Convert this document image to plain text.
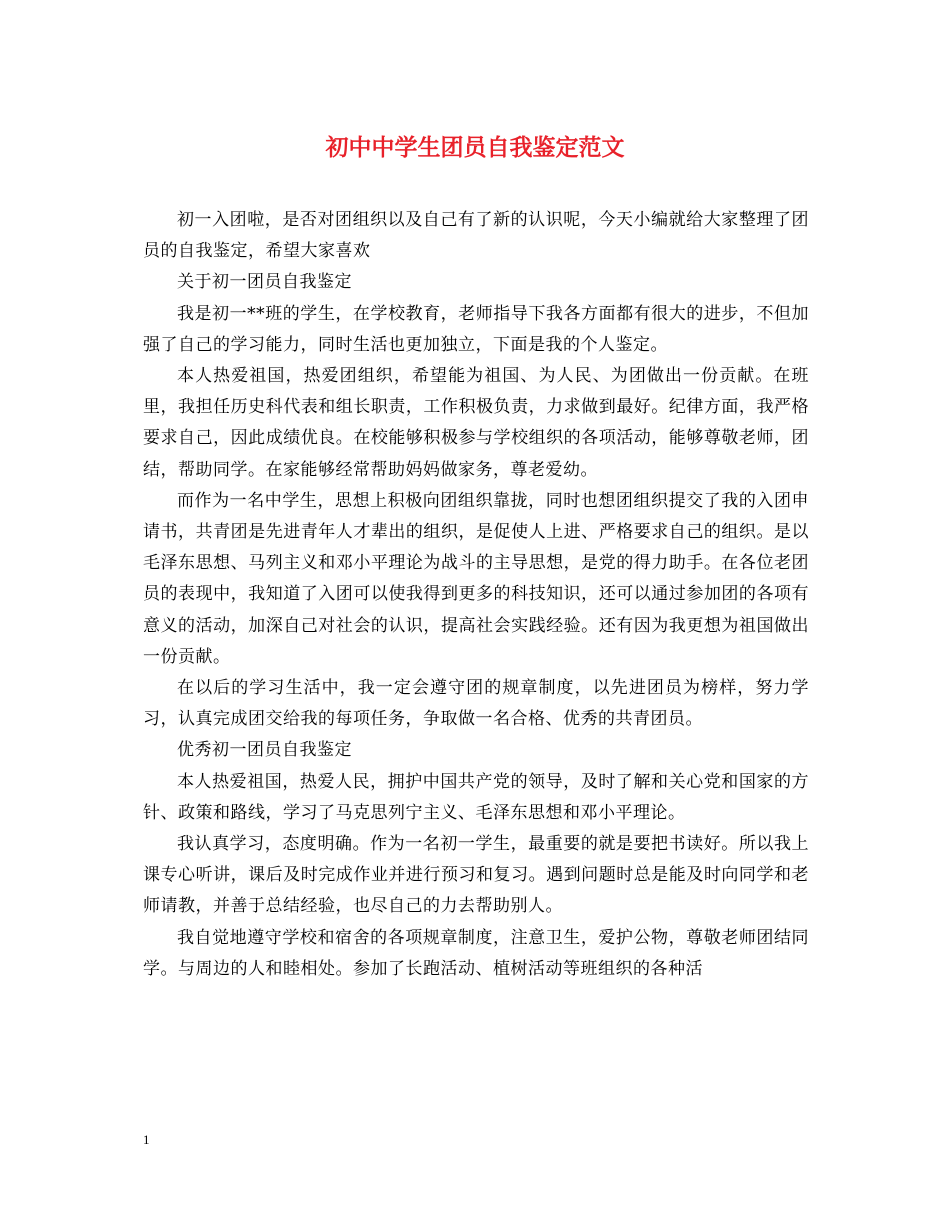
初中中学生团员自我鉴定范文

初一入团啦，是否对团组织以及自己有了新的认识呢，今天小编就给大家整理了团员的自我鉴定，希望大家喜欢

关于初一团员自我鉴定

我是初一**班的学生，在学校教育，老师指导下我各方面都有很大的进步，不但加强了自己的学习能力，同时生活也更加独立，下面是我的个人鉴定。

本人热爱祖国，热爱团组织，希望能为祖国、为人民、为团做出一份贡献。在班里，我担任历史科代表和组长职责，工作积极负责，力求做到最好。纪律方面，我严格要求自己，因此成绩优良。在校能够积极参与学校组织的各项活动，能够尊敬老师，团结，帮助同学。在家能够经常帮助妈妈做家务，尊老爱幼。

而作为一名中学生，思想上积极向团组织靠拢，同时也想团组织提交了我的入团申请书，共青团是先进青年人才辈出的组织，是促使人上进、严格要求自己的组织。是以毛泽东思想、马列主义和邓小平理论为战斗的主导思想，是党的得力助手。在各位老团员的表现中，我知道了入团可以使我得到更多的科技知识，还可以通过参加团的各项有意义的活动，加深自己对社会的认识，提高社会实践经验。还有因为我更想为祖国做出一份贡献。

在以后的学习生活中，我一定会遵守团的规章制度，以先进团员为榜样，努力学习，认真完成团交给我的每项任务，争取做一名合格、优秀的共青团员。

优秀初一团员自我鉴定

本人热爱祖国，热爱人民，拥护中国共产党的领导，及时了解和关心党和国家的方针、政策和路线，学习了马克思列宁主义、毛泽东思想和邓小平理论。

我认真学习，态度明确。作为一名初一学生，最重要的就是要把书读好。所以我上课专心听讲，课后及时完成作业并进行预习和复习。遇到问题时总是能及时向同学和老师请教，并善于总结经验，也尽自己的力去帮助别人。

我自觉地遵守学校和宿舍的各项规章制度，注意卫生，爱护公物，尊敬老师团结同学。与周边的人和睦相处。参加了长跑活动、植树活动等班组织的各种活

1
